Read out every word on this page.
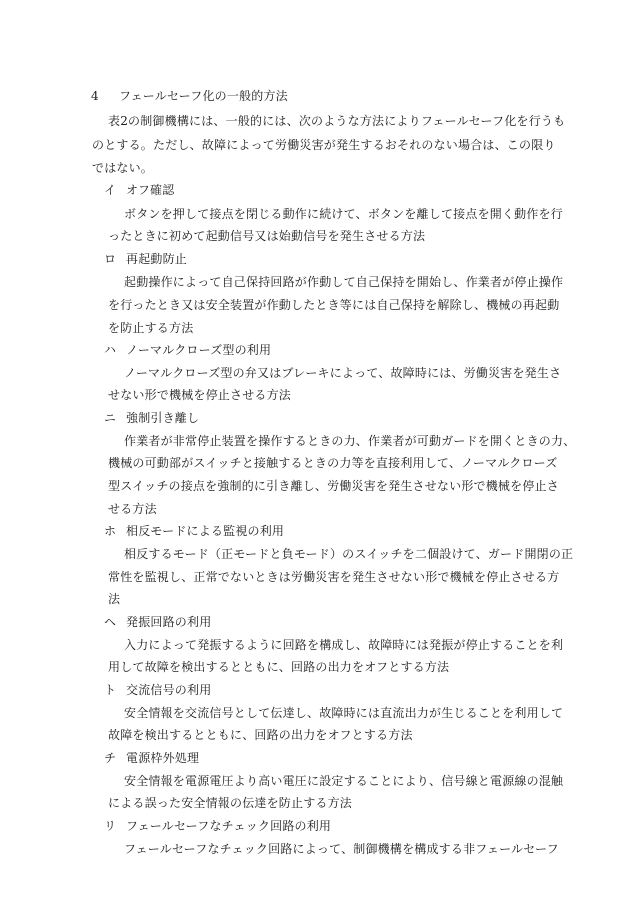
4 フェールセーフ化の一般的方法
表2の制御機構には、一般的には、次のような方法によりフェールセーフ化を行うも
のとする。ただし、故障によって労働災害が発生するおそれのない場合は、この限り
ではない。
イ オフ確認
ボタンを押して接点を閉じる動作に続けて、ボタンを離して接点を開く動作を行
ったときに初めて起動信号又は始動信号を発生させる方法
ロ 再起動防止
起動操作によって自己保持回路が作動して自己保持を開始し、作業者が停止操作
を行ったとき又は安全装置が作動したとき等には自己保持を解除し、機械の再起動
を防止する方法
ハ ノーマルクローズ型の利用
ノーマルクローズ型の弁又はブレーキによって、故障時には、労働災害を発生さ
せない形で機械を停止させる方法
ニ 強制引き離し
作業者が非常停止装置を操作するときの力、作業者が可動ガードを開くときの力、
機械の可動部がスイッチと接触するときの力等を直接利用して、ノーマルクローズ
型スイッチの接点を強制的に引き離し、労働災害を発生させない形で機械を停止さ
せる方法
ホ 相反モードによる監視の利用
相反するモード（正モードと負モード）のスイッチを二個設けて、ガード開閉の正
常性を監視し、正常でないときは労働災害を発生させない形で機械を停止させる方
法
ヘ 発振回路の利用
入力によって発振するように回路を構成し、故障時には発振が停止することを利
用して故障を検出するとともに、回路の出力をオフとする方法
ト 交流信号の利用
安全情報を交流信号として伝達し、故障時には直流出力が生じることを利用して
故障を検出するとともに、回路の出力をオフとする方法
チ 電源枠外処理
安全情報を電源電圧より高い電圧に設定することにより、信号線と電源線の混触
による誤った安全情報の伝達を防止する方法
リ フェールセーフなチェック回路の利用
フェールセーフなチェック回路によって、制御機構を構成する非フェールセーフ
